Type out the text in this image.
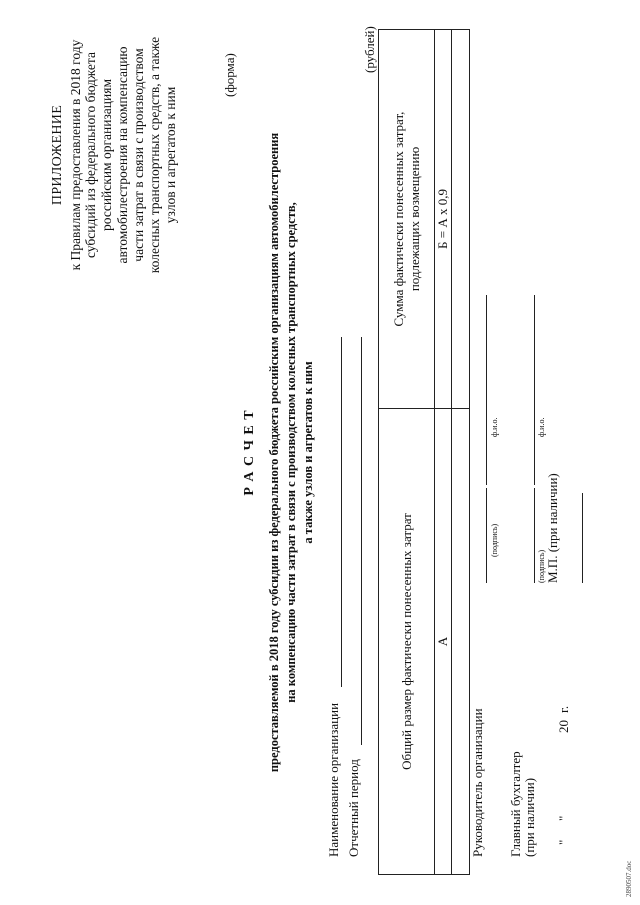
ПРИЛОЖЕНИЕ к Правилам предоставления в 2018 году субсидий из федерального бюджета российским организациям автомобилестроения на компенсацию части затрат в связи с производством колесных транспортных средств, а также узлов и агрегатов к ним
(форма)
Р А С Ч Е Т предоставляемой в 2018 году субсидии из федерального бюджета российским организациям автомобилестроения на компенсацию части затрат в связи с производством колесных транспортных средств, а также узлов и агрегатов к ним
Наименование организации Отчетный период
(рублей)
Общий размер фактически понесенных затрат	Сумма фактически понесенных затрат, подлежащих возмещению

А	Б = А х 0,9

Руководитель организации
(подпись)
ф.и.о.
Главный бухгалтер (при наличии)
(подпись)
ф.и.о.
М.П. (при наличии)
"
"
20
г.
2890507.doc
